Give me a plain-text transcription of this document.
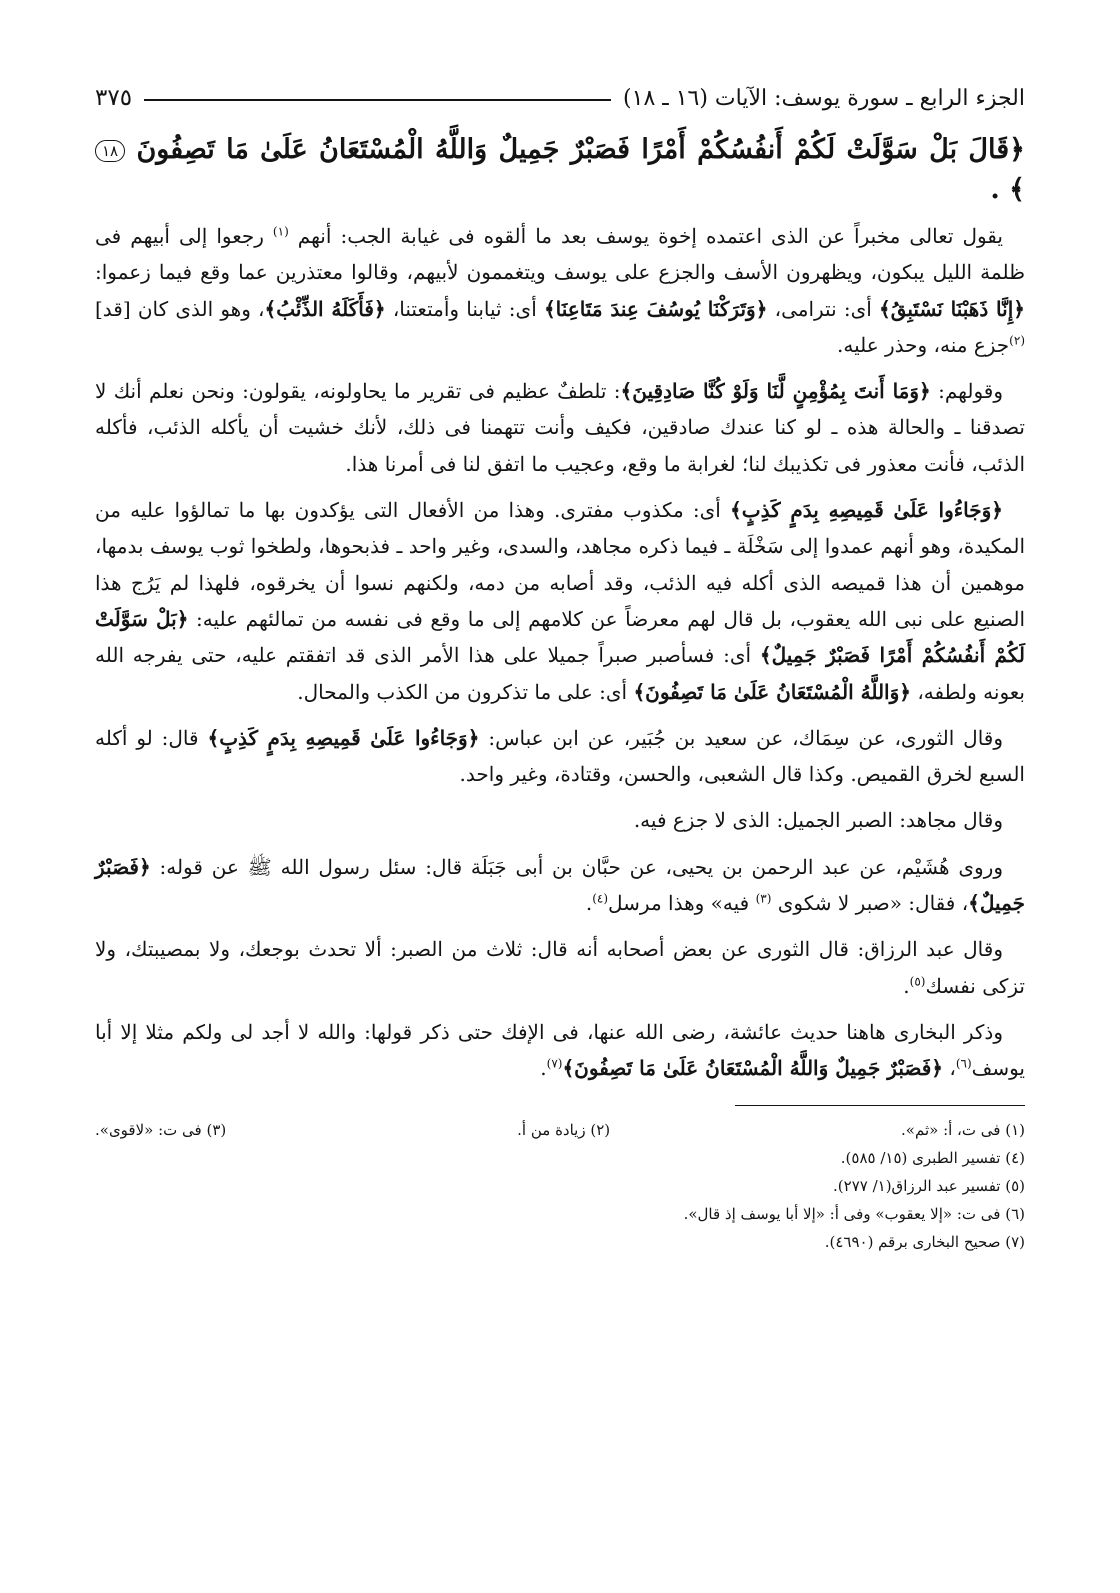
الجزء الرابع ـ سورة يوسف: الآيات (١٦ ـ ١٨)
٣٧٥
﴿قَالَ بَلْ سَوَّلَتْ لَكُمْ أَنفُسُكُمْ أَمْرًا فَصَبْرٌ جَمِيلٌ وَاللَّهُ الْمُسْتَعَانُ عَلَىٰ مَا تَصِفُونَ ١٨ ﴾ .

يقول تعالى مخبراً عن الذى اعتمده إخوة يوسف بعد ما ألقوه فى غيابة الجب: أنهم $^{(١)}$ رجعوا إلى أبيهم فى ظلمة الليل يبكون، ويظهرون الأسف والجزع على يوسف ويتغممون لأبيهم، وقالوا معتذرين عما وقع فيما زعموا: ﴿إِنَّا ذَهَبْنَا نَسْتَبِقُ﴾ أى: نترامى، ﴿وَتَرَكْنَا يُوسُفَ عِندَ مَتَاعِنَا﴾ أى: ثيابنا وأمتعتنا، ﴿فَأَكَلَهُ الذِّئْبُ﴾، وهو الذى كان [قد] $^{(٢)}$جزع منه، وحذر عليه.

وقولهم: ﴿وَمَا أَنتَ بِمُؤْمِنٍ لَّنَا وَلَوْ كُنَّا صَادِقِينَ﴾: تلطفٌ عظيم فى تقرير ما يحاولونه، يقولون: ونحن نعلم أنك لا تصدقنا ـ والحالة هذه ـ لو كنا عندك صادقين، فكيف وأنت تتهمنا فى ذلك، لأنك خشيت أن يأكله الذئب، فأكله الذئب، فأنت معذور فى تكذيبك لنا؛ لغرابة ما وقع، وعجيب ما اتفق لنا فى أمرنا هذا.

﴿وَجَاءُوا عَلَىٰ قَمِيصِهِ بِدَمٍ كَذِبٍ﴾ أى: مكذوب مفترى. وهذا من الأفعال التى يؤكدون بها ما تمالؤوا عليه من المكيدة، وهو أنهم عمدوا إلى سَخْلَة ـ فيما ذكره مجاهد، والسدى، وغير واحد ـ فذبحوها، ولطخوا ثوب يوسف بدمها، موهمين أن هذا قميصه الذى أكله فيه الذئب، وقد أصابه من دمه، ولكنهم نسوا أن يخرقوه، فلهذا لم يَرُج هذا الصنيع على نبى الله يعقوب، بل قال لهم معرضاً عن كلامهم إلى ما وقع فى نفسه من تمالئهم عليه: ﴿بَلْ سَوَّلَتْ لَكُمْ أَنفُسُكُمْ أَمْرًا فَصَبْرٌ جَمِيلٌ﴾ أى: فسأصبر صبراً جميلا على هذا الأمر الذى قد اتفقتم عليه، حتى يفرجه الله بعونه ولطفه، ﴿وَاللَّهُ الْمُسْتَعَانُ عَلَىٰ مَا تَصِفُونَ﴾ أى: على ما تذكرون من الكذب والمحال.

وقال الثورى، عن سِمَاك، عن سعيد بن جُبَير، عن ابن عباس: ﴿وَجَاءُوا عَلَىٰ قَمِيصِهِ بِدَمٍ كَذِبٍ﴾ قال: لو أكله السبع لخرق القميص. وكذا قال الشعبى، والحسن، وقتادة، وغير واحد.

وقال مجاهد: الصبر الجميل: الذى لا جزع فيه.

وروى هُشَيْم، عن عبد الرحمن بن يحيى، عن حبَّان بن أبى جَبَلَة قال: سئل رسول الله ﷺ عن قوله: ﴿فَصَبْرٌ جَمِيلٌ﴾، فقال: «صبر لا شكوى $^{(٣)}$ فيه» وهذا مرسل$^{(٤)}$.

وقال عبد الرزاق: قال الثورى عن بعض أصحابه أنه قال: ثلاث من الصبر: ألا تحدث بوجعك، ولا بمصيبتك، ولا تزكى نفسك$^{(٥)}$.

وذكر البخارى هاهنا حديث عائشة، رضى الله عنها، فى الإفك حتى ذكر قولها: والله لا أجد لى ولكم مثلا إلا أبا يوسف$^{(٦)}$، ﴿فَصَبْرٌ جَمِيلٌ وَاللَّهُ الْمُسْتَعَانُ عَلَىٰ مَا تَصِفُونَ﴾$^{(٧)}$.

(١) فى ت، أ: «ثم».
(٢) زيادة من أ.
(٣) فى ت: «لاقوى».
(٤) تفسير الطبرى (١٥/ ٥٨٥).
(٥) تفسير عبد الرزاق(١/ ٢٧٧).
(٦) فى ت: «إلا يعقوب» وفى أ: «إلا أبا يوسف إذ قال».
(٧) صحيح البخارى برقم (٤٦٩٠).
